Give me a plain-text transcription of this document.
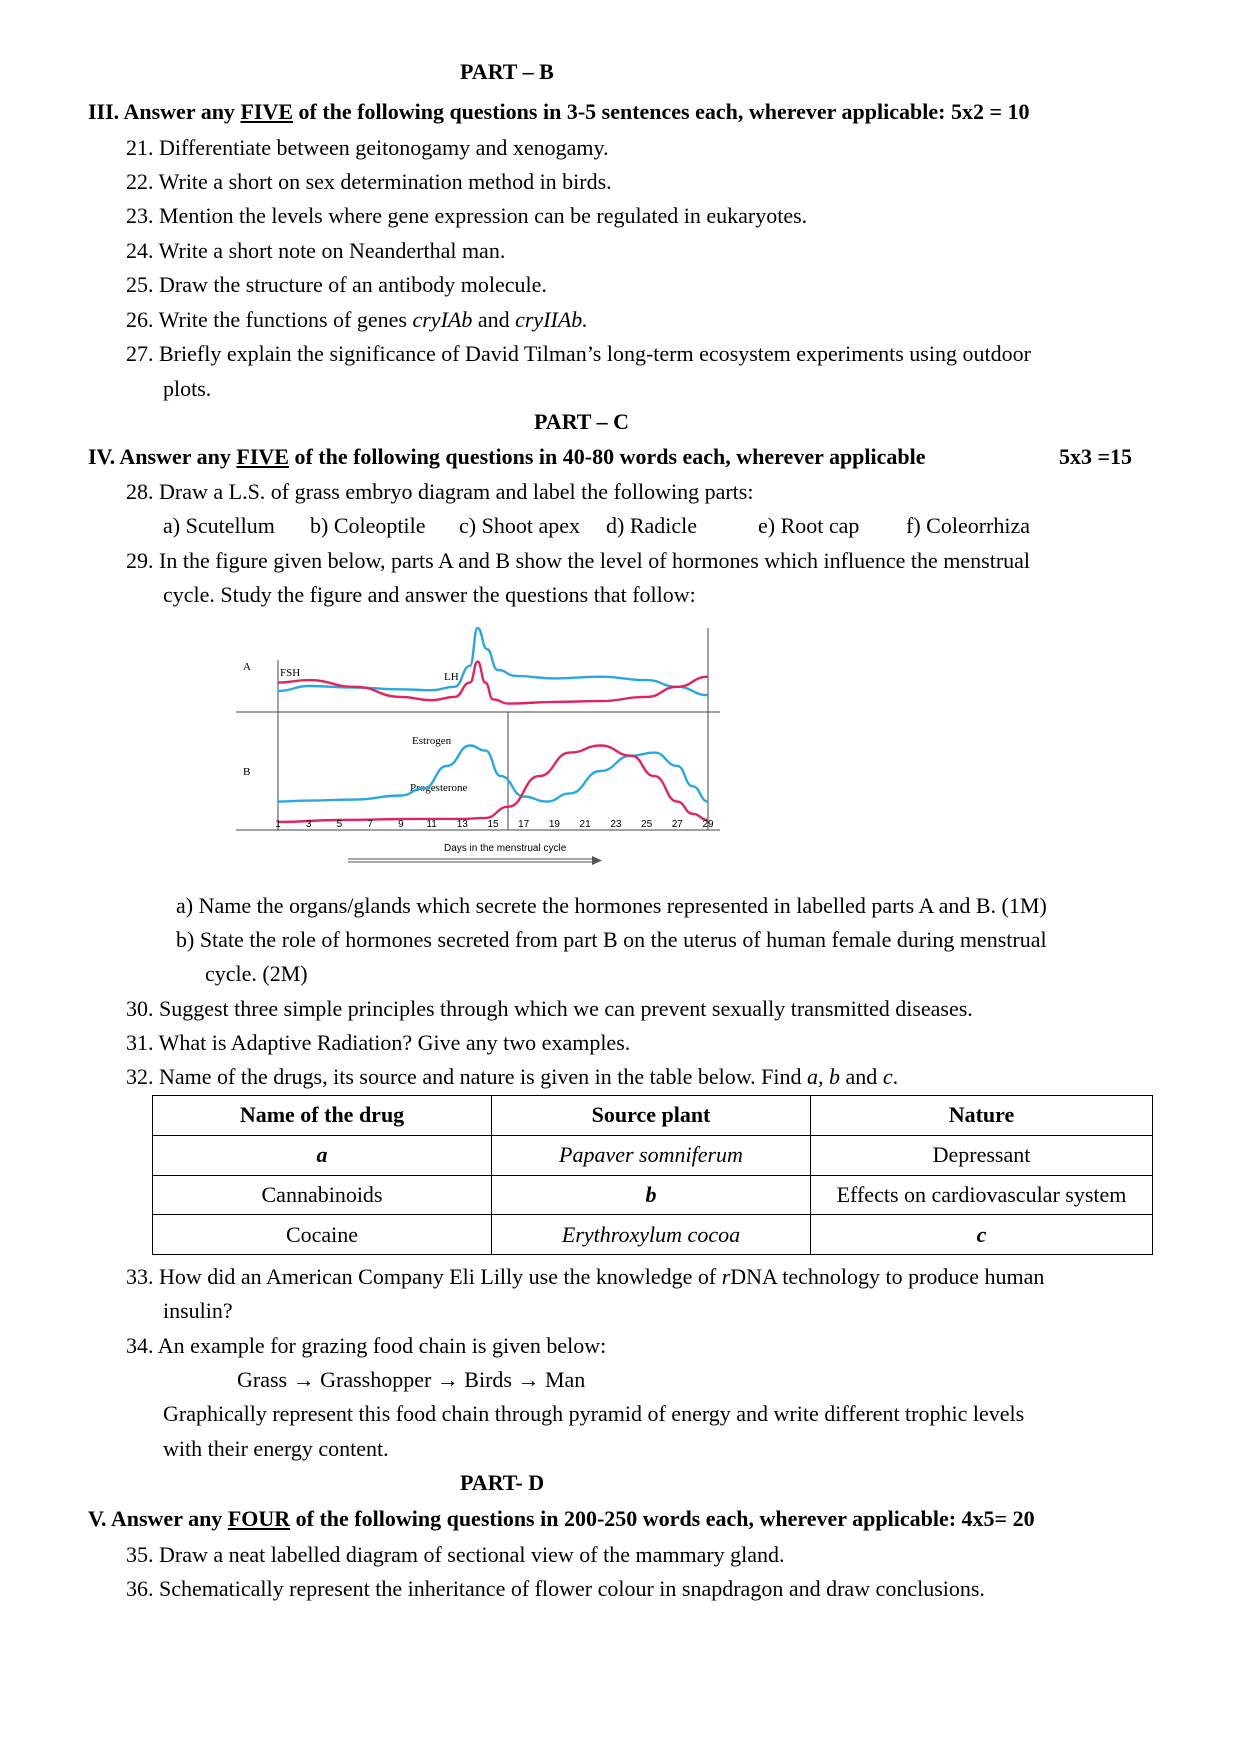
PART – B
III. Answer any FIVE of the following questions in 3-5 sentences each, wherever applicable: 5x2 = 10
21. Differentiate between geitonogamy and xenogamy.
22. Write a short on sex determination method in birds.
23. Mention the levels where gene expression can be regulated in eukaryotes.
24. Write a short note on Neanderthal man.
25. Draw the structure of an antibody molecule.
26. Write the functions of genes cryIAb and cryIIAb.
27. Briefly explain the significance of David Tilman’s long-term ecosystem experiments using outdoor
plots.
PART – C
IV. Answer any FIVE of the following questions in 40-80 words each, wherever applicable	5x3 =15
28. Draw a L.S. of grass embryo diagram and label the following parts:
a) Scutellum b) Coleoptile c) Shoot apex d) Radicle	e) Root cap f) Coleorrhiza
29. In the figure given below, parts A and B show the level of hormones which influence the menstrual
cycle. Study the figure and answer the questions that follow:
A
B
FSH	LH
Estrogen
Progesterone
1	3	5	7	9 11 13 15 17 19 21 23 25 27 29
Days in the menstrual cycle
a) Name the organs/glands which secrete the hormones represented in labelled parts A and B. (1M)
b) State the role of hormones secreted from part B on the uterus of human female during menstrual
cycle. (2M)
30. Suggest three simple principles through which we can prevent sexually transmitted diseases.
31. What is Adaptive Radiation? Give any two examples.
32. Name of the drugs, its source and nature is given in the table below. Find a, b and c.
Name of the drug	Source plant	Nature
a	Papaver somniferum	Depressant
Cannabinoids	b	Effects on cardiovascular system
Cocaine	Erythroxylum cocoa	c
33. How did an American Company Eli Lilly use the knowledge of rDNA technology to produce human
insulin?
34. An example for grazing food chain is given below:
Grass → Grasshopper → Birds → Man
Graphically represent this food chain through pyramid of energy and write different trophic levels
with their energy content.
PART- D
V. Answer any FOUR of the following questions in 200-250 words each, wherever applicable: 4x5= 20
35. Draw a neat labelled diagram of sectional view of the mammary gland.
36. Schematically represent the inheritance of flower colour in snapdragon and draw conclusions.
